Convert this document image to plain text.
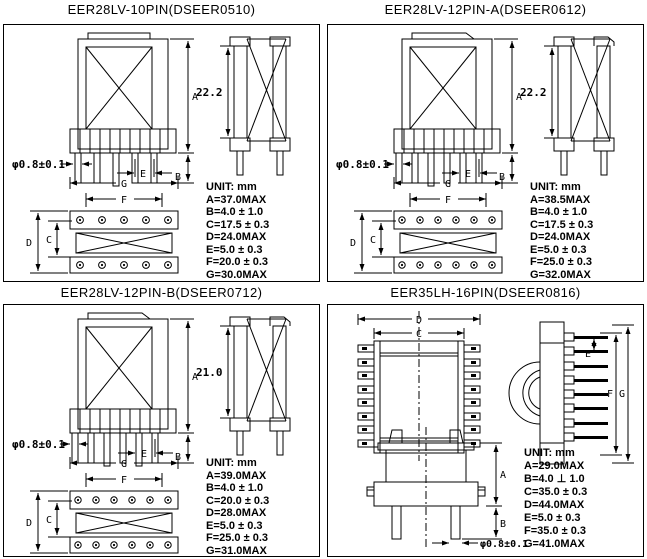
EER28LV-10PIN(DSEER0510)
A
B
E
φ0.8±0.1
22.2
G
F
D C
UNIT: mm
A=37.0MAX
B=4.0 ± 1.0
C=17.5 ± 0.3
D=24.0MAX
E=5.0 ± 0.3
F=20.0 ± 0.3
G=30.0MAX
EER28LV-12PIN-A(DSEER0612)
A
B
E
φ0.8±0.1
22.2
G
F
D C
UNIT: mm
A=38.5MAX
B=4.0 ± 1.0
C=17.5 ± 0.3
D=24.0MAX
E=5.0 ± 0.3
F=25.0 ± 0.3
G=32.0MAX
EER28LV-12PIN-B(DSEER0712)
A
B
E
φ0.8±0.1
21.0
G
F
D C
UNIT: mm
A=39.0MAX
B=4.0 ± 1.0
C=20.0 ± 0.3
D=28.0MAX
E=5.0 ± 0.3
F=25.0 ± 0.3
G=31.0MAX
EER35LH-16PIN(DSEER0816)
D
C
E
F G
A
B
φ0.8±0.1
UNIT: mm
A=29.0MAX
B=4.0 ⊥ 1.0
C=35.0 ± 0.3
D=44.0MAX
E=5.0 ± 0.3
F=35.0 ± 0.3
G=41.0MAX
